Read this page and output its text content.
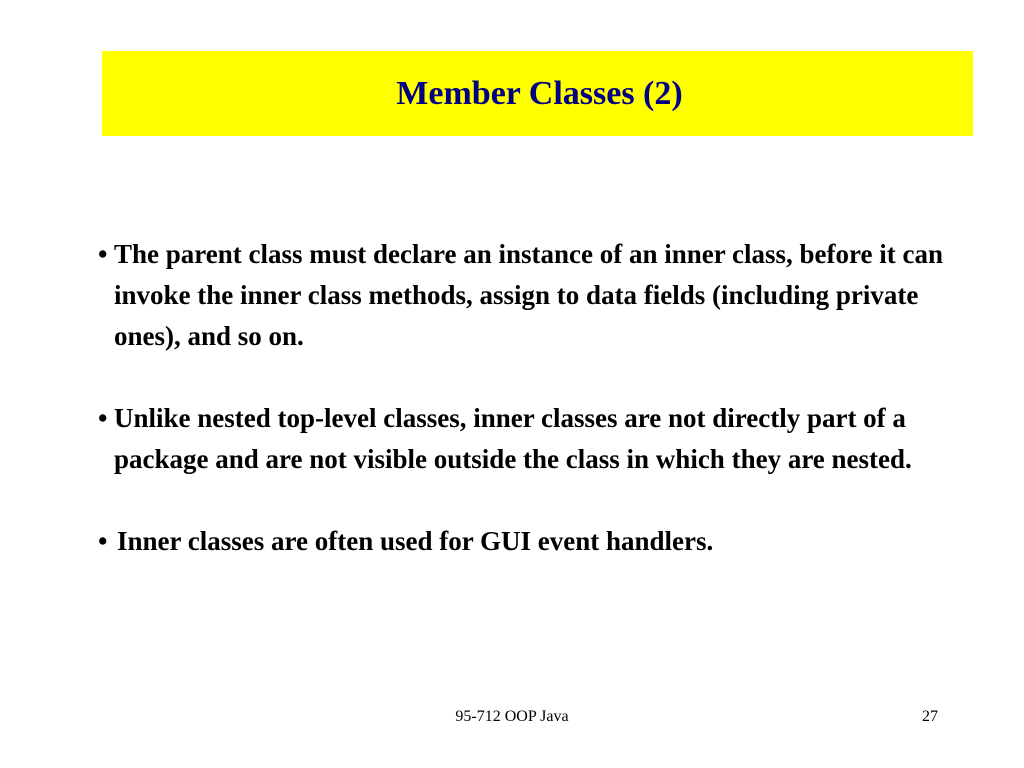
Member Classes (2)
• The parent class must declare an instance of an inner class, before it can invoke the inner class methods, assign to data fields (including private ones), and so on.
• Unlike nested top-level classes, inner classes are not directly part of a package and are not visible outside the class in which they are nested.
• Inner classes are often used for GUI event handlers.
95-712 OOP Java	27
